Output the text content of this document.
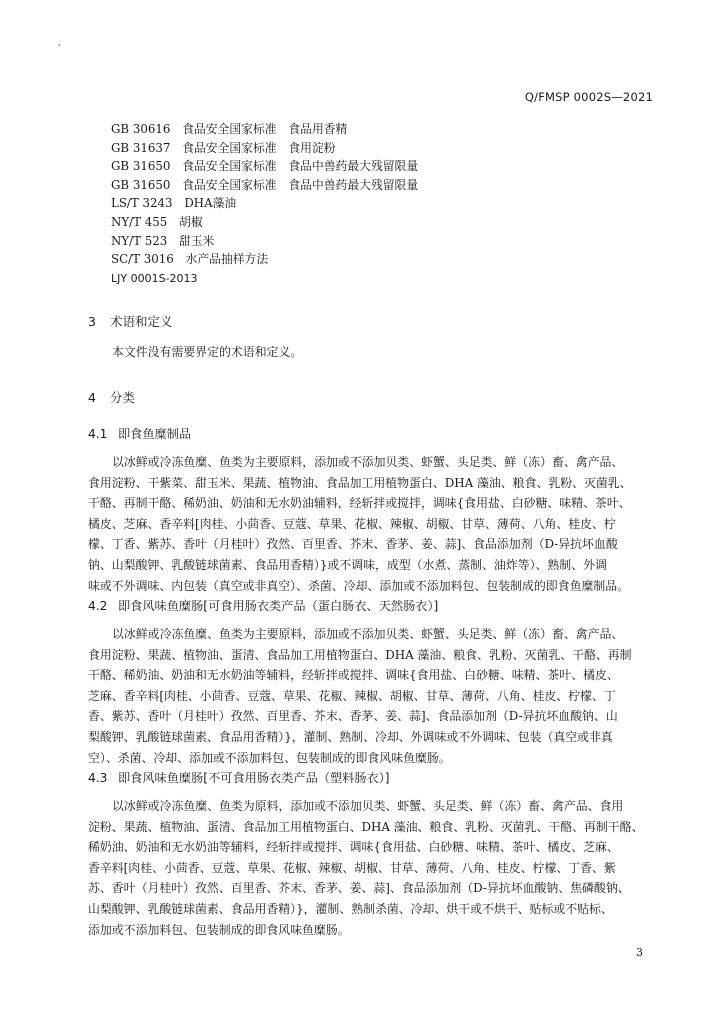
‚
Q/FMSP 0002S—2021
GB 30616　 食品安全国家标准　食品用香精
GB 31637　 食品安全国家标准　食用淀粉
GB 31650　 食品安全国家标准　食品中兽药最大残留限量
GB 31650　 食品安全国家标准　食品中兽药最大残留限量
LS/T 3243　 DHA藻油
NY/T 455　 胡椒
NY/T 523　 甜玉米
SC/T 3016　 水产品抽样方法
LJY 0001S-2013
3 术语和定义
本文件没有需要界定的术语和定义。
4 分类
4.1 即食鱼糜制品
以冰鲜或冷冻鱼糜、鱼类为主要原料，添加或不添加贝类、虾蟹、头足类、鲜（冻）畜、禽产品、
食用淀粉、干紫菜、甜玉米、果蔬、植物油、食品加工用植物蛋白、DHA 藻油、粮食、乳粉、灭菌乳、
干酪、再制干酪、稀奶油、奶油和无水奶油辅料，经斩拌或搅拌，调味{食用盐、白砂糖、味精、茶叶、
橘皮、芝麻、香辛料[肉桂、小茴香、豆蔻、草果、花椒、辣椒、胡椒、甘草、薄荷、八角、桂皮、柠
檬、丁香、紫苏、香叶（月桂叶）孜然、百里香、芥末、香茅、姜、蒜]、食品添加剂（D-异抗坏血酸
钠、山梨酸钾、乳酸链球菌素、食品用香精）}或不调味，成型（水煮、蒸制、油炸等）、熟制、外调
味或不外调味、内包装（真空或非真空）、杀菌、冷却、添加或不添加料包、包装制成的即食鱼糜制品。
4.2 即食风味鱼糜肠[可食用肠衣类产品（蛋白肠衣、天然肠衣）]
以冰鲜或冷冻鱼糜、鱼类为主要原料，添加或不添加贝类、虾蟹、头足类、鲜（冻）畜、禽产品、
食用淀粉、果蔬、植物油、蛋清、食品加工用植物蛋白、DHA 藻油、粮食、乳粉、灭菌乳、干酪、再制
干酪、稀奶油、奶油和无水奶油等辅料，经斩拌或搅拌、调味{食用盐、白砂糖、味精、茶叶、橘皮、
芝麻、香辛料[肉桂、小茴香、豆蔻、草果、花椒、辣椒、胡椒、甘草、薄荷、八角、桂皮、柠檬、丁
香、紫苏、香叶（月桂叶）孜然、百里香、芥末、香茅、姜、蒜]、食品添加剂（D-异抗坏血酸钠、山
梨酸钾、乳酸链球菌素、食品用香精）}，灌制、熟制、冷却、外调味或不外调味、包装（真空或非真
空）、杀菌、冷却、添加或不添加料包、包装制成的即食风味鱼糜肠。
4.3 即食风味鱼糜肠[不可食用肠衣类产品（塑料肠衣）]
以冰鲜或冷冻鱼糜、鱼类为原料，添加或不添加贝类、虾蟹、头足类、鲜（冻）畜、禽产品、食用
淀粉、果蔬、植物油、蛋清、食品加工用植物蛋白、DHA 藻油、粮食、乳粉、灭菌乳、干酪、再制干酪、
稀奶油、奶油和无水奶油等辅料，经斩拌或搅拌、调味{食用盐、白砂糖、味精、茶叶、橘皮、芝麻、
香辛料[肉桂、小茴香、豆蔻、草果、花椒、辣椒、胡椒、甘草、薄荷、八角、桂皮、柠檬、丁香、紫
苏、香叶（月桂叶）孜然、百里香、芥末、香茅、姜、蒜]、食品添加剂（D-异抗坏血酸钠、焦磷酸钠、
山梨酸钾、乳酸链球菌素、食品用香精）}，灌制、熟制杀菌、冷却、烘干或不烘干、贴标或不贴标、
添加或不添加料包、包装制成的即食风味鱼糜肠。
3
